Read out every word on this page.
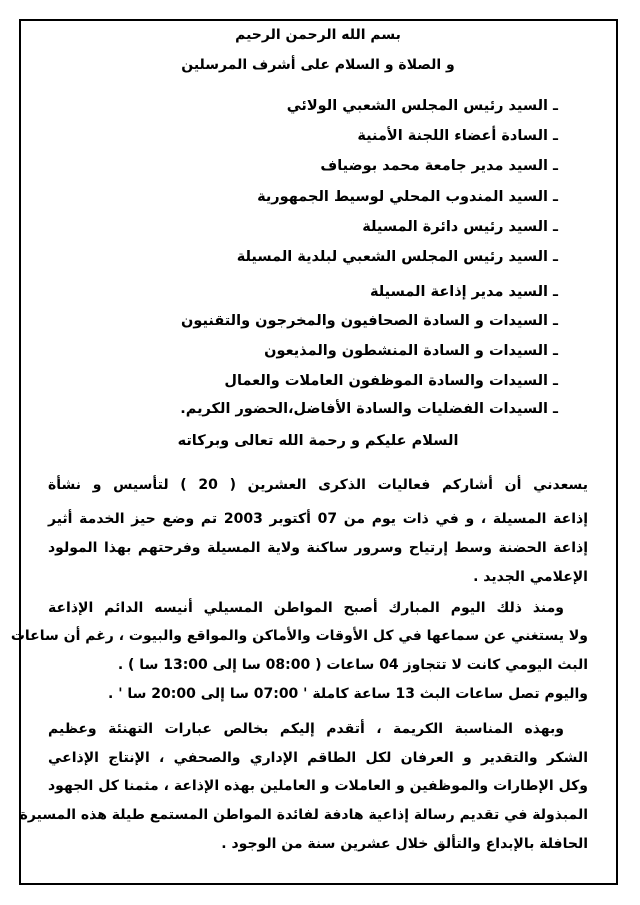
بسم الله الرحمن الرحيم
و الصلاة و السلام على أشرف المرسلين
ـ السيد رئيس المجلس الشعبي الولائي
ـ السادة أعضاء اللجنة الأمنية
ـ السيد مدير جامعة محمد بوضياف
ـ السيد المندوب المحلي لوسيط الجمهورية
ـ السيد رئيس دائرة المسيلة
ـ السيد رئيس المجلس الشعبي لبلدية المسيلة
ـ السيد مدير إذاعة المسيلة
ـ السيدات و السادة الصحافيون والمخرجون والتقنيون
ـ السيدات و السادة المنشطون والمذيعون
ـ السيدات والسادة الموظفون العاملات والعمال
ـ السيدات الفضليات والسادة الأفاضل،الحضور الكريم.
السلام عليكم و رحمة الله تعالى وبركاته
يسعدني أن أشاركم فعاليات الذكرى العشرين ( 20 ) لتأسيس و نشأة
إذاعة المسيلة ، و في ذات يوم من 07 أكتوبر 2003 تم وضع حيز الخدمة أثير
إذاعة الحضنة وسط إرتياح وسرور ساكنة ولاية المسيلة وفرحتهم بهذا المولود
الإعلامي الجديد .
ومنذ ذلك اليوم المبارك أصبح المواطن المسيلي أنيسه الدائم الإذاعة
ولا يستغني عن سماعها في كل الأوقات والأماكن والمواقع والبيوت ، رغم أن ساعات
البث اليومي كانت لا تتجاوز 04 ساعات ( 08:00 سا إلى 13:00 سا ) .
واليوم تصل ساعات البث 13 ساعة كاملة ' 07:00 سا إلى 20:00 سا ' .
وبهذه المناسبة الكريمة ، أتقدم إليكم بخالص عبارات التهنئة وعظيم
الشكر والتقدير و العرفان لكل الطاقم الإداري والصحفي ، الإنتاج الإذاعي
وكل الإطارات والموظفين و العاملات و العاملين بهذه الإذاعة ، مثمنا كل الجهود
المبذولة في تقديم رسالة إذاعية هادفة لفائدة المواطن المستمع طيلة هذه المسيرة
الحافلة بالإبداع والتألق خلال عشرين سنة من الوجود .
